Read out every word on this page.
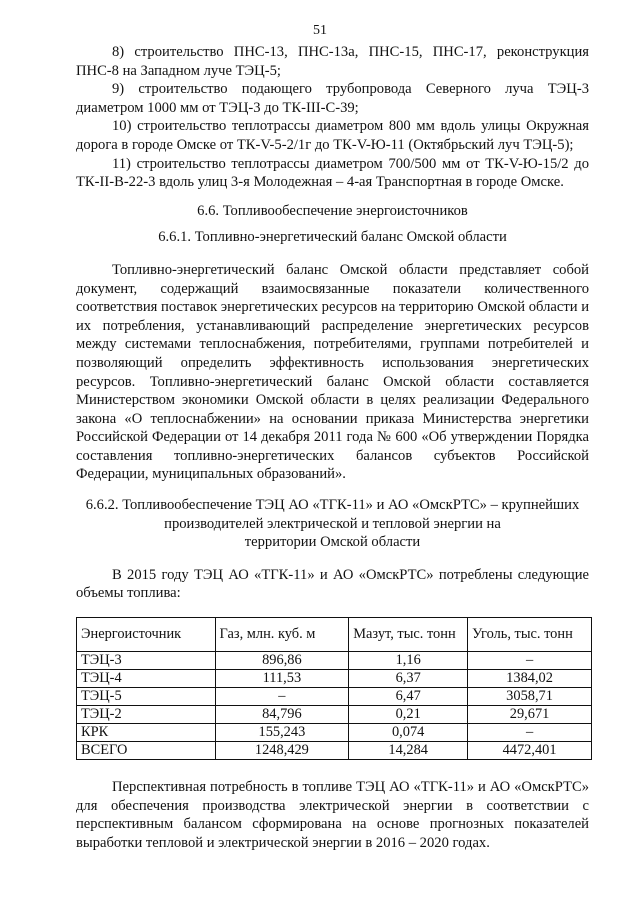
51

8) строительство ПНС-13, ПНС-13а, ПНС-15, ПНС-17, реконструкция ПНС-8 на Западном луче ТЭЦ-5;

9) строительство подающего трубопровода Северного луча ТЭЦ-3 диаметром 1000 мм от ТЭЦ-3 до ТК-III-С-39;

10) строительство теплотрассы диаметром 800 мм вдоль улицы Окружная дорога в городе Омске от ТК-V-5-2/1г до ТК-V-Ю-11 (Октябрьский луч ТЭЦ-5);

11) строительство теплотрассы диаметром 700/500 мм от ТК-V-Ю-15/2 до ТК-II-В-22-3 вдоль улиц 3-я Молодежная – 4-ая Транспортная в городе Омске.

6.6. Топливообеспечение энергоисточников

6.6.1. Топливно-энергетический баланс Омской области

Топливно-энергетический баланс Омской области представляет собой документ, содержащий взаимосвязанные показатели количественного соответствия поставок энергетических ресурсов на территорию Омской области и их потребления, устанавливающий распределение энергетических ресурсов между системами теплоснабжения, потребителями, группами потребителей и позволяющий определить эффективность использования энергетических ресурсов. Топливно-энергетический баланс Омской области составляется Министерством экономики Омской области в целях реализации Федерального закона «О теплоснабжении» на основании приказа Министерства энергетики Российской Федерации от 14 декабря 2011 года № 600 «Об утверждении Порядка составления топливно-энергетических балансов субъектов Российской Федерации, муниципальных образований».

6.6.2. Топливообеспечение ТЭЦ АО «ТГК-11» и АО «ОмскРТС» – крупнейших
производителей электрической и тепловой энергии на
территории Омской области

В 2015 году ТЭЦ АО «ТГК-11» и АО «ОмскРТС» потреблены следующие объемы топлива:

Энергоисточник	Газ, млн. куб. м	Мазут, тыс. тонн	Уголь, тыс. тонн
ТЭЦ-3	896,86	1,16	–
ТЭЦ-4	111,53	6,37	1384,02
ТЭЦ-5	–	6,47	3058,71
ТЭЦ-2	84,796	0,21	29,671
КРК	155,243	0,074	–
ВСЕГО	1248,429	14,284	4472,401

Перспективная потребность в топливе ТЭЦ АО «ТГК-11» и АО «ОмскРТС» для обеспечения производства электрической энергии в соответствии с перспективным балансом сформирована на основе прогнозных показателей выработки тепловой и электрической энергии в 2016 – 2020 годах.
